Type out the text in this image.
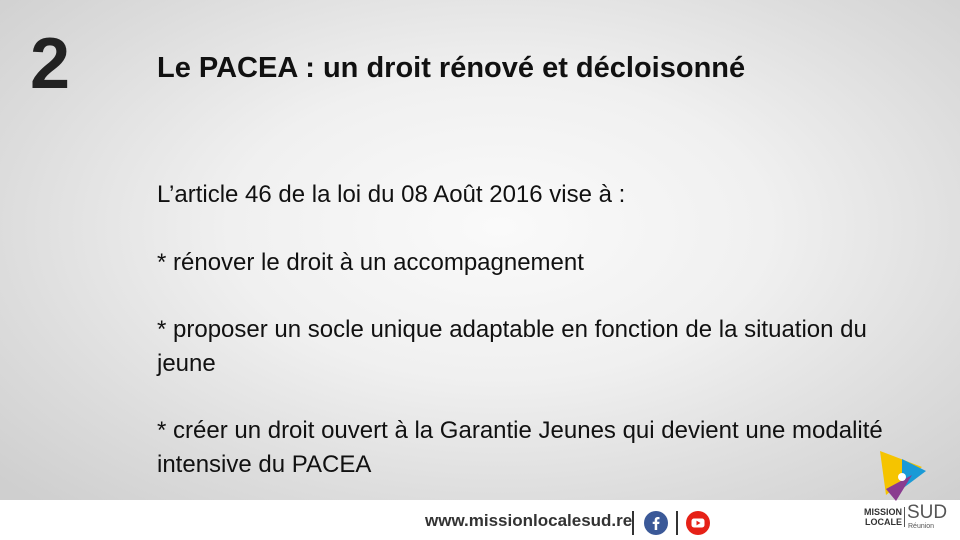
2	Le PACEA : un droit rénové et décloisonné
L’article 46 de la loi du 08 Août 2016 vise à :
* rénover le droit à un accompagnement
* proposer un socle unique adaptable en fonction de la situation du jeune
* créer un droit ouvert à la Garantie Jeunes qui devient une modalité intensive du PACEA
www.missionlocalesud.re	MISSION
LOCALE SUD
Réunion
